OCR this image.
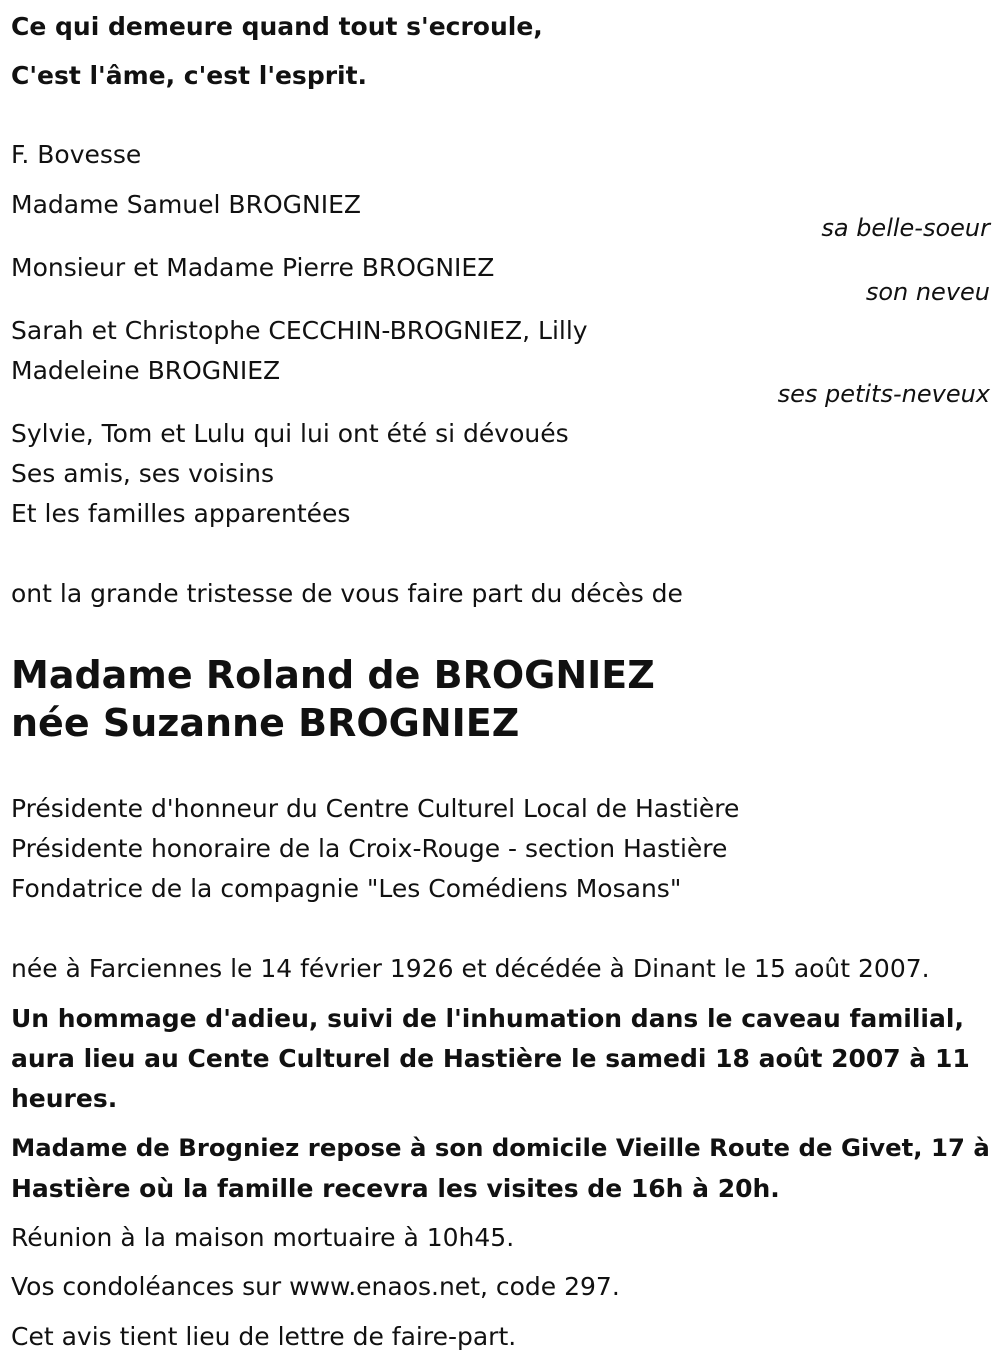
Ce qui demeure quand tout s'ecroule,
C'est l'âme, c'est l'esprit.
F. Bovesse
Madame Samuel BROGNIEZ
sa belle-soeur
Monsieur et Madame Pierre BROGNIEZ
son neveu
Sarah et Christophe CECCHIN-BROGNIEZ, Lilly
Madeleine BROGNIEZ
ses petits-neveux
Sylvie, Tom et Lulu qui lui ont été si dévoués
Ses amis, ses voisins
Et les familles apparentées
ont la grande tristesse de vous faire part du décès de
Madame Roland de BROGNIEZ
née Suzanne BROGNIEZ
Présidente d'honneur du Centre Culturel Local de Hastière
Présidente honoraire de la Croix-Rouge - section Hastière
Fondatrice de la compagnie "Les Comédiens Mosans"
née à Farciennes le 14 février 1926 et décédée à Dinant le 15 août 2007.
Un hommage d'adieu, suivi de l'inhumation dans le caveau familial,
aura lieu au Cente Culturel de Hastière le samedi 18 août 2007 à 11
heures.
Madame de Brogniez repose à son domicile Vieille Route de Givet, 17 à
Hastière où la famille recevra les visites de 16h à 20h.
Réunion à la maison mortuaire à 10h45.
Vos condoléances sur www.enaos.net, code 297.
Cet avis tient lieu de lettre de faire-part.
